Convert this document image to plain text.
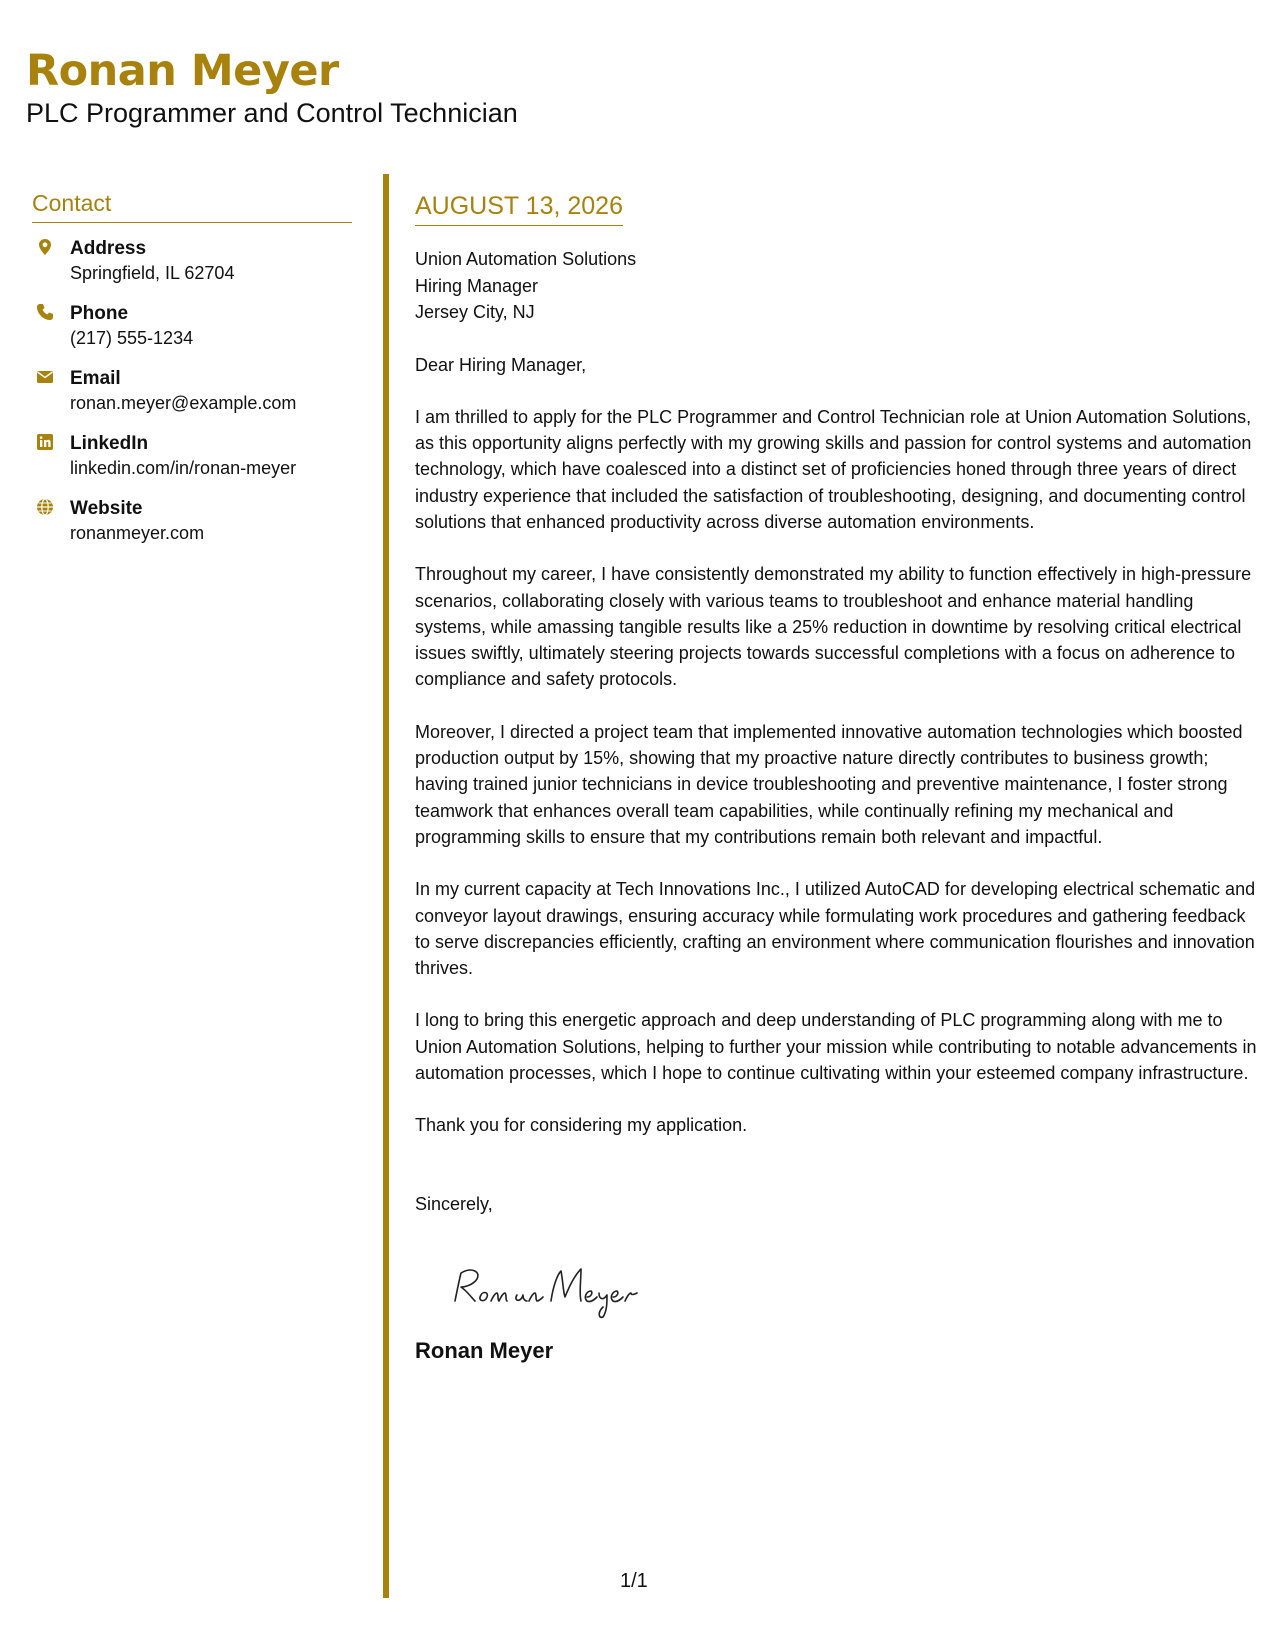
Ronan Meyer
PLC Programmer and Control Technician
Contact
Address
Springfield, IL 62704
Phone
(217) 555-1234
Email
ronan.meyer@example.com
LinkedIn
linkedin.com/in/ronan-meyer
Website
ronanmeyer.com
AUGUST 13, 2026
Union Automation Solutions
Hiring Manager
Jersey City, NJ

Dear Hiring Manager,

I am thrilled to apply for the PLC Programmer and Control Technician role at Union Automation Solutions, as this opportunity aligns perfectly with my growing skills and passion for control systems and automation technology, which have coalesced into a distinct set of proficiencies honed through three years of direct industry experience that included the satisfaction of troubleshooting, designing, and documenting control solutions that enhanced productivity across diverse automation environments.

Throughout my career, I have consistently demonstrated my ability to function effectively in high-pressure scenarios, collaborating closely with various teams to troubleshoot and enhance material handling systems, while amassing tangible results like a 25% reduction in downtime by resolving critical electrical issues swiftly, ultimately steering projects towards successful completions with a focus on adherence to compliance and safety protocols.

Moreover, I directed a project team that implemented innovative automation technologies which boosted production output by 15%, showing that my proactive nature directly contributes to business growth; having trained junior technicians in device troubleshooting and preventive maintenance, I foster strong teamwork that enhances overall team capabilities, while continually refining my mechanical and programming skills to ensure that my contributions remain both relevant and impactful.

In my current capacity at Tech Innovations Inc., I utilized AutoCAD for developing electrical schematic and conveyor layout drawings, ensuring accuracy while formulating work procedures and gathering feedback to serve discrepancies efficiently, crafting an environment where communication flourishes and innovation thrives.

I long to bring this energetic approach and deep understanding of PLC programming along with me to Union Automation Solutions, helping to further your mission while contributing to notable advancements in automation processes, which I hope to continue cultivating within your esteemed company infrastructure.

Thank you for considering my application.

Sincerely,

Ronan Meyer
1/1
